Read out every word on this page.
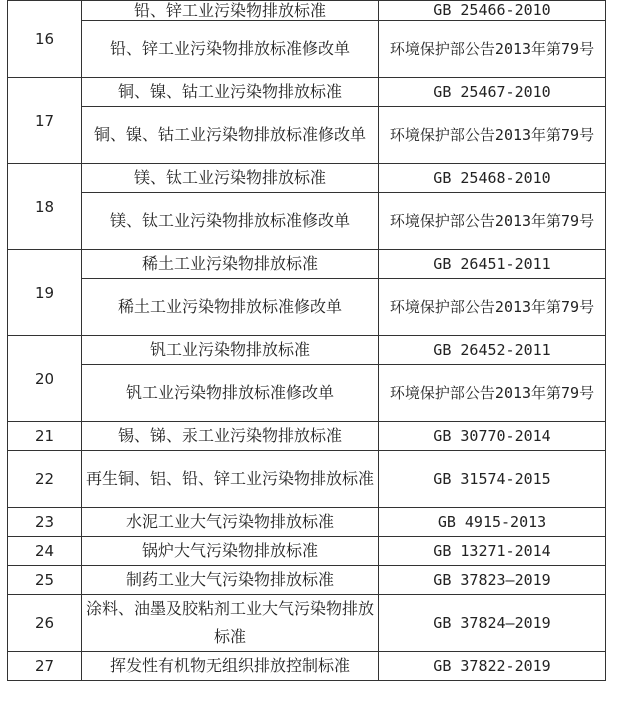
16	铅、锌工业污染物排放标准	GB 25466-2010
	铅、锌工业污染物排放标准修改单	环境保护部公告2013年第79号
17	铜、镍、钴工业污染物排放标准	GB 25467-2010
	铜、镍、钴工业污染物排放标准修改单	环境保护部公告2013年第79号
18	镁、钛工业污染物排放标准	GB 25468-2010
	镁、钛工业污染物排放标准修改单	环境保护部公告2013年第79号
19	稀土工业污染物排放标准	GB 26451-2011
	稀土工业污染物排放标准修改单	环境保护部公告2013年第79号
20	钒工业污染物排放标准	GB 26452-2011
	钒工业污染物排放标准修改单	环境保护部公告2013年第79号
21	锡、锑、汞工业污染物排放标准	GB 30770-2014
22	再生铜、铝、铅、锌工业污染物排放标准	GB 31574-2015
23	水泥工业大气污染物排放标准	GB 4915-2013
24	锅炉大气污染物排放标准	GB 13271-2014
25	制药工业大气污染物排放标准	GB 37823—2019
26	涂料、油墨及胶粘剂工业大气污染物排放标准	GB 37824—2019
27	挥发性有机物无组织排放控制标准	GB 37822-2019
